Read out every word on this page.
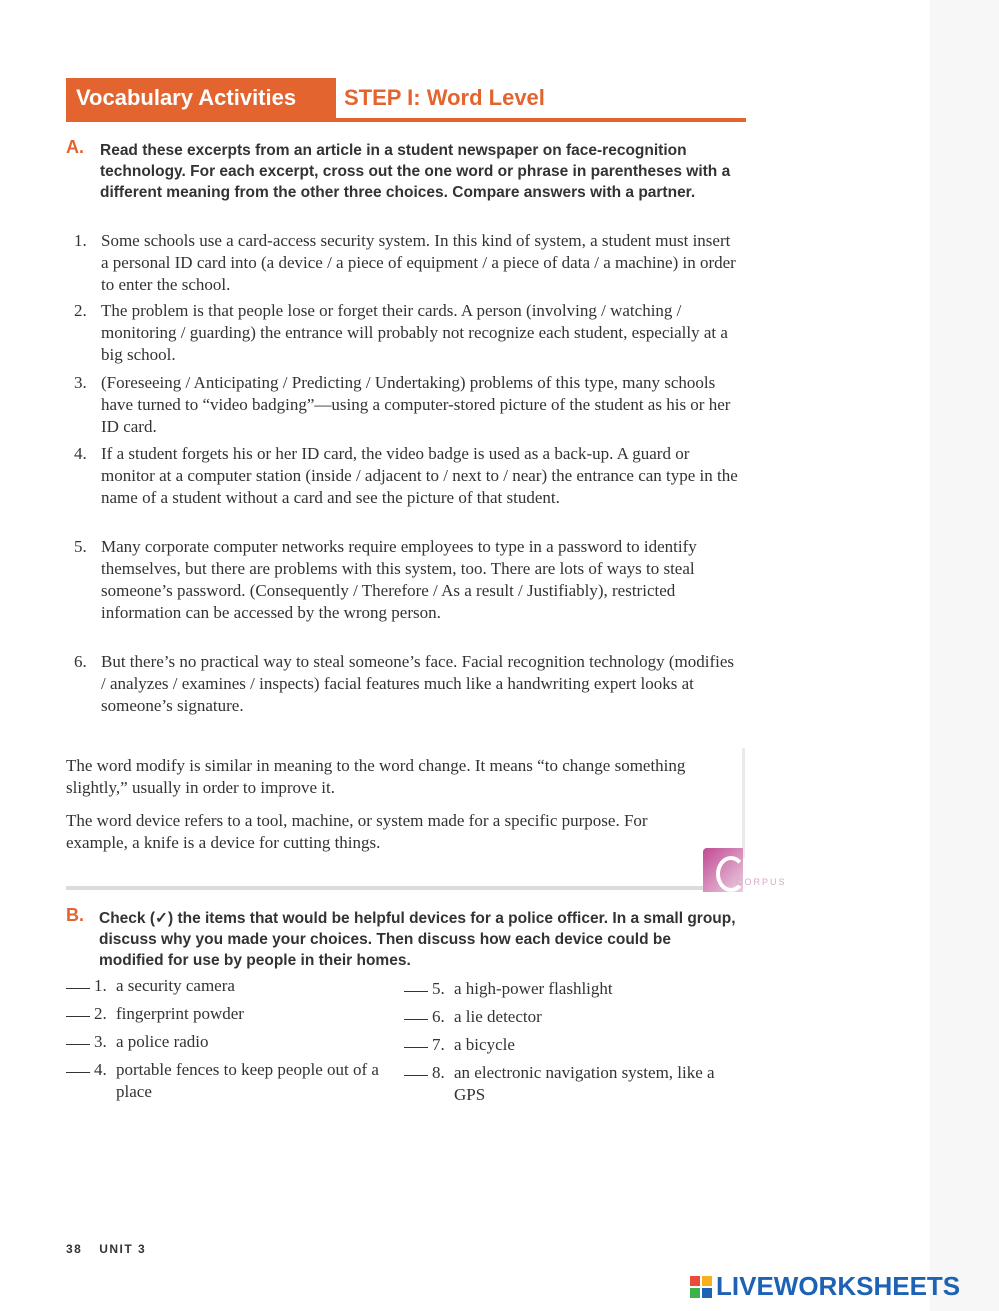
Vocabulary Activities	STEP I: Word Level
A. Read these excerpts from an article in a student newspaper on face-recognition technology. For each excerpt, cross out the one word or phrase in parentheses with a different meaning from the other three choices. Compare answers with a partner.
1. Some schools use a card-access security system. In this kind of system, a student must insert a personal ID card into (a device / a piece of equipment / a piece of data / a machine) in order to enter the school.
2. The problem is that people lose or forget their cards. A person (involving / watching / monitoring / guarding) the entrance will probably not recognize each student, especially at a big school.
3. (Foreseeing / Anticipating / Predicting / Undertaking) problems of this type, many schools have turned to “video badging”—using a computer-stored picture of the student as his or her ID card.
4. If a student forgets his or her ID card, the video badge is used as a back-up. A guard or monitor at a computer station (inside / adjacent to / next to / near) the entrance can type in the name of a student without a card and see the picture of that student.
5. Many corporate computer networks require employees to type in a password to identify themselves, but there are problems with this system, too. There are lots of ways to steal someone’s password. (Consequently / Therefore / As a result / Justifiably), restricted information can be accessed by the wrong person.
6. But there’s no practical way to steal someone’s face. Facial recognition technology (modifies / analyzes / examines / inspects) facial features much like a handwriting expert looks at someone’s signature.
The word modify is similar in meaning to the word change. It means “to change something slightly,” usually in order to improve it.
The word device refers to a tool, machine, or system made for a specific purpose. For example, a knife is a device for cutting things.
CORPUS
B. Check (✓) the items that would be helpful devices for a police officer. In a small group, discuss why you made your choices. Then discuss how each device could be modified for use by people in their homes.
1. a security camera
2. fingerprint powder
3. a police radio
4. portable fences to keep people out of a place
5. a high-power flashlight
6. a lie detector
7. a bicycle
8. an electronic navigation system, like a GPS
38 UNIT 3
LIVEWORKSHEETS
